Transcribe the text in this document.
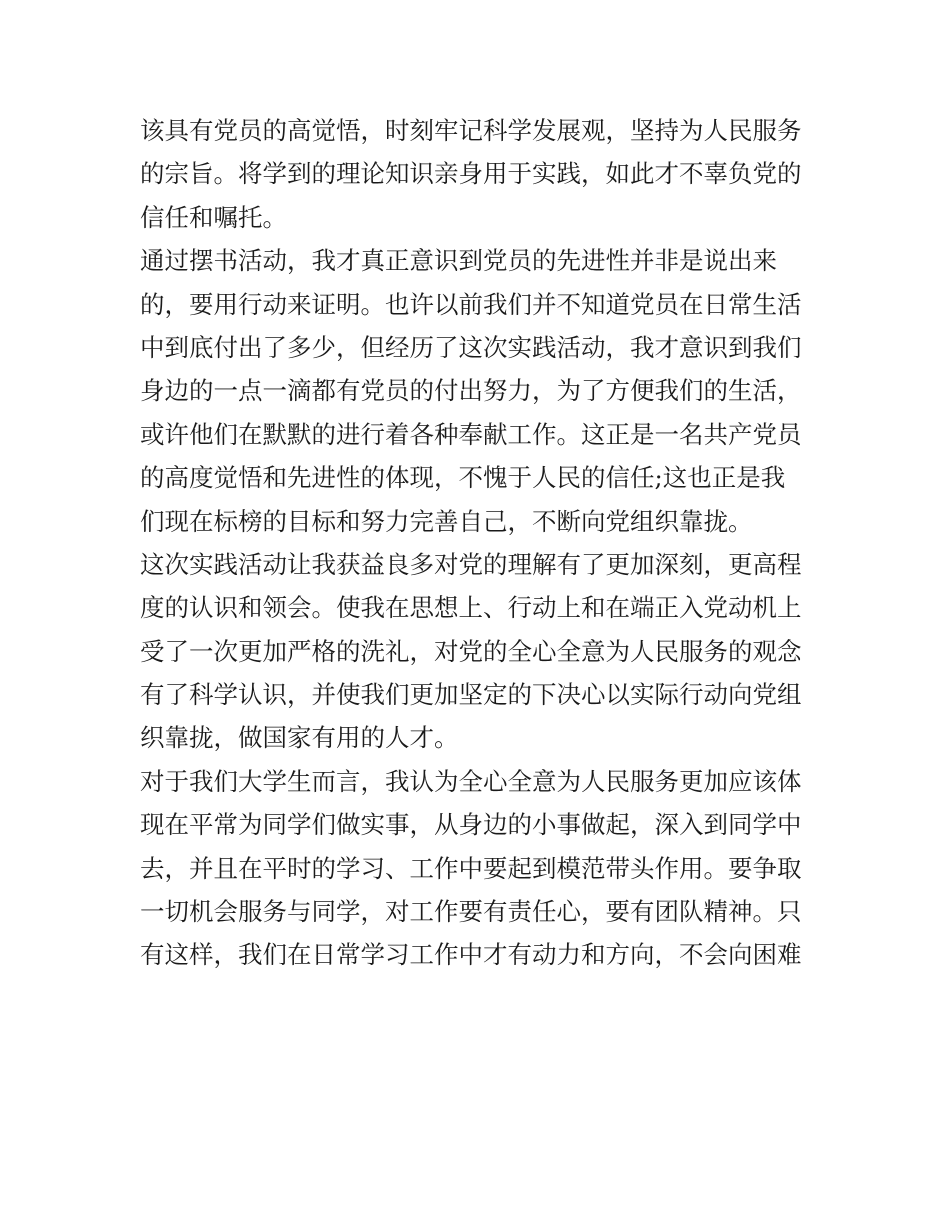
该具有党员的高觉悟，时刻牢记科学发展观，坚持为人民服务
的宗旨。将学到的理论知识亲身用于实践，如此才不辜负党的
信任和嘱托。
通过摆书活动，我才真正意识到党员的先进性并非是说出来
的，要用行动来证明。也许以前我们并不知道党员在日常生活
中到底付出了多少，但经历了这次实践活动，我才意识到我们
身边的一点一滴都有党员的付出努力，为了方便我们的生活，
或许他们在默默的进行着各种奉献工作。这正是一名共产党员
的高度觉悟和先进性的体现，不愧于人民的信任;这也正是我
们现在标榜的目标和努力完善自己，不断向党组织靠拢。
这次实践活动让我获益良多对党的理解有了更加深刻，更高程
度的认识和领会。使我在思想上、行动上和在端正入党动机上
受了一次更加严格的洗礼，对党的全心全意为人民服务的观念
有了科学认识，并使我们更加坚定的下决心以实际行动向党组
织靠拢，做国家有用的人才。
对于我们大学生而言，我认为全心全意为人民服务更加应该体
现在平常为同学们做实事，从身边的小事做起，深入到同学中
去，并且在平时的学习、工作中要起到模范带头作用。要争取
一切机会服务与同学，对工作要有责任心，要有团队精神。只
有这样，我们在日常学习工作中才有动力和方向，不会向困难
